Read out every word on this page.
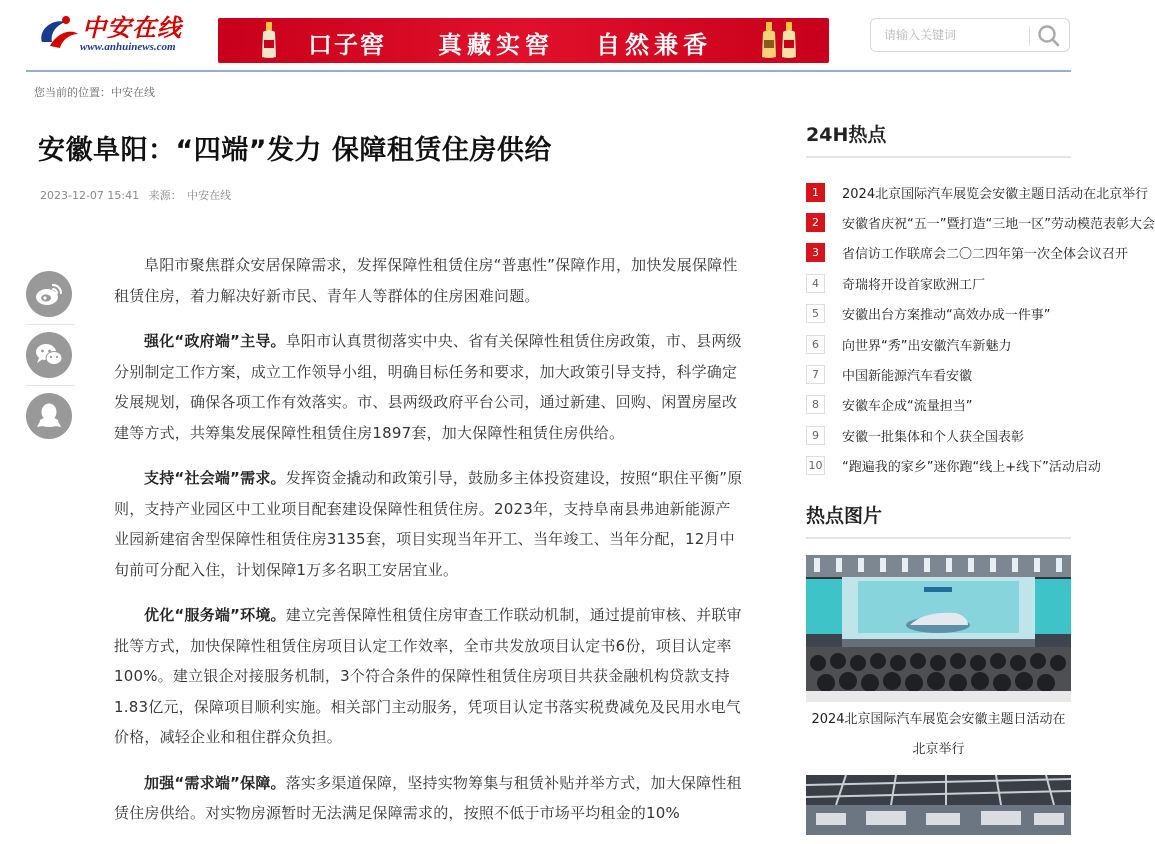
中安在线
www.anhuinews.com	口子窖 真藏实窖 自然兼香
请输入关键词
您当前的位置：中安在线
安徽阜阳：“四端”发力 保障租赁住房供给
2023-12-07 15:41 来源： 中安在线

阜阳市聚焦群众安居保障需求，发挥保障性租赁住房“普惠性”保障作用，加快发展保障性租赁住房，着力解决好新市民、青年人等群体的住房困难问题。

强化“政府端”主导。阜阳市认真贯彻落实中央、省有关保障性租赁住房政策，市、县两级分别制定工作方案，成立工作领导小组，明确目标任务和要求，加大政策引导支持，科学确定发展规划，确保各项工作有效落实。市、县两级政府平台公司，通过新建、回购、闲置房屋改建等方式，共筹集发展保障性租赁住房1897套，加大保障性租赁住房供给。

支持“社会端”需求。发挥资金撬动和政策引导，鼓励多主体投资建设，按照“职住平衡”原则，支持产业园区中工业项目配套建设保障性租赁住房。2023年，支持阜南县弗迪新能源产业园新建宿舍型保障性租赁住房3135套，项目实现当年开工、当年竣工、当年分配，12月中旬前可分配入住，计划保障1万多名职工安居宜业。

优化“服务端”环境。建立完善保障性租赁住房审查工作联动机制，通过提前审核、并联审批等方式，加快保障性租赁住房项目认定工作效率，全市共发放项目认定书6份，项目认定率100%。建立银企对接服务机制，3个符合条件的保障性租赁住房项目共获金融机构贷款支持1.83亿元，保障项目顺利实施。相关部门主动服务，凭项目认定书落实税费减免及民用水电气价格，减轻企业和租住群众负担。

加强“需求端”保障。落实多渠道保障，坚持实物筹集与租赁补贴并举方式，加大保障性租赁住房供给。对实物房源暂时无法满足保障需求的，按照不低于市场平均租金的10%

24H热点
1	2024北京国际汽车展览会安徽主题日活动在北京举行
2	安徽省庆祝“五一”暨打造“三地一区”劳动模范表彰大会
3	省信访工作联席会二〇二四年第一次全体会议召开
4	奇瑞将开设首家欧洲工厂
5	安徽出台方案推动“高效办成一件事”
6	向世界“秀”出安徽汽车新魅力
7	中国新能源汽车看安徽
8	安徽车企成“流量担当”
9	安徽一批集体和个人获全国表彰
10 “跑遍我的家乡”迷你跑“线上+线下”活动启动
热点图片
2024北京国际汽车展览会安徽主题日活动在北京举行
